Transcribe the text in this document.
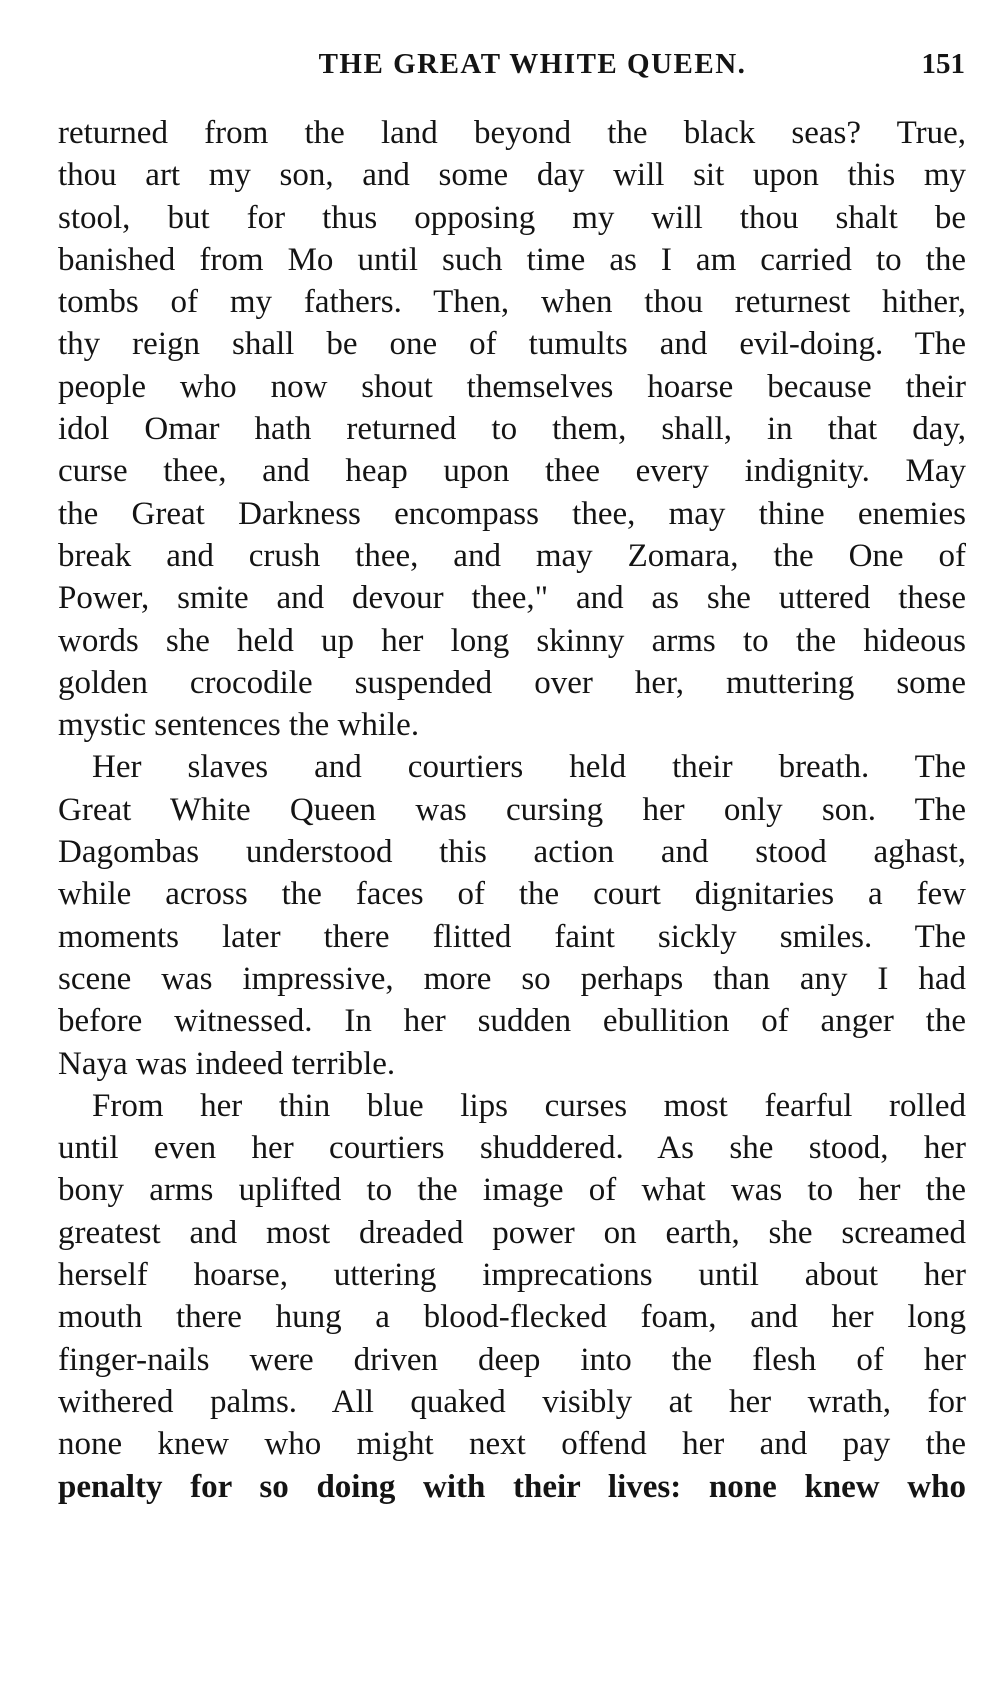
THE GREAT WHITE QUEEN.	151
returned from the land beyond the black seas? True,
thou art my son, and some day will sit upon this my
stool, but for thus opposing my will thou shalt be
banished from Mo until such time as I am carried to the
tombs of my fathers. Then, when thou returnest hither,
thy reign shall be one of tumults and evil-doing. The
people who now shout themselves hoarse because their
idol Omar hath returned to them, shall, in that day,
curse thee, and heap upon thee every indignity. May
the Great Darkness encompass thee, may thine enemies
break and crush thee, and may Zomara, the One of
Power, smite and devour thee," and as she uttered these
words she held up her long skinny arms to the hideous
golden crocodile suspended over her, muttering some
mystic sentences the while.
Her slaves and courtiers held their breath. The
Great White Queen was cursing her only son. The
Dagombas understood this action and stood aghast,
while across the faces of the court dignitaries a few
moments later there flitted faint sickly smiles. The
scene was impressive, more so perhaps than any I had
before witnessed. In her sudden ebullition of anger the
Naya was indeed terrible.
From her thin blue lips curses most fearful rolled
until even her courtiers shuddered. As she stood, her
bony arms uplifted to the image of what was to her the
greatest and most dreaded power on earth, she screamed
herself hoarse, uttering imprecations until about her
mouth there hung a blood-flecked foam, and her long
finger-nails were driven deep into the flesh of her
withered palms. All quaked visibly at her wrath, for
none knew who might next offend her and pay the
penalty for so doing with their lives: none knew who
